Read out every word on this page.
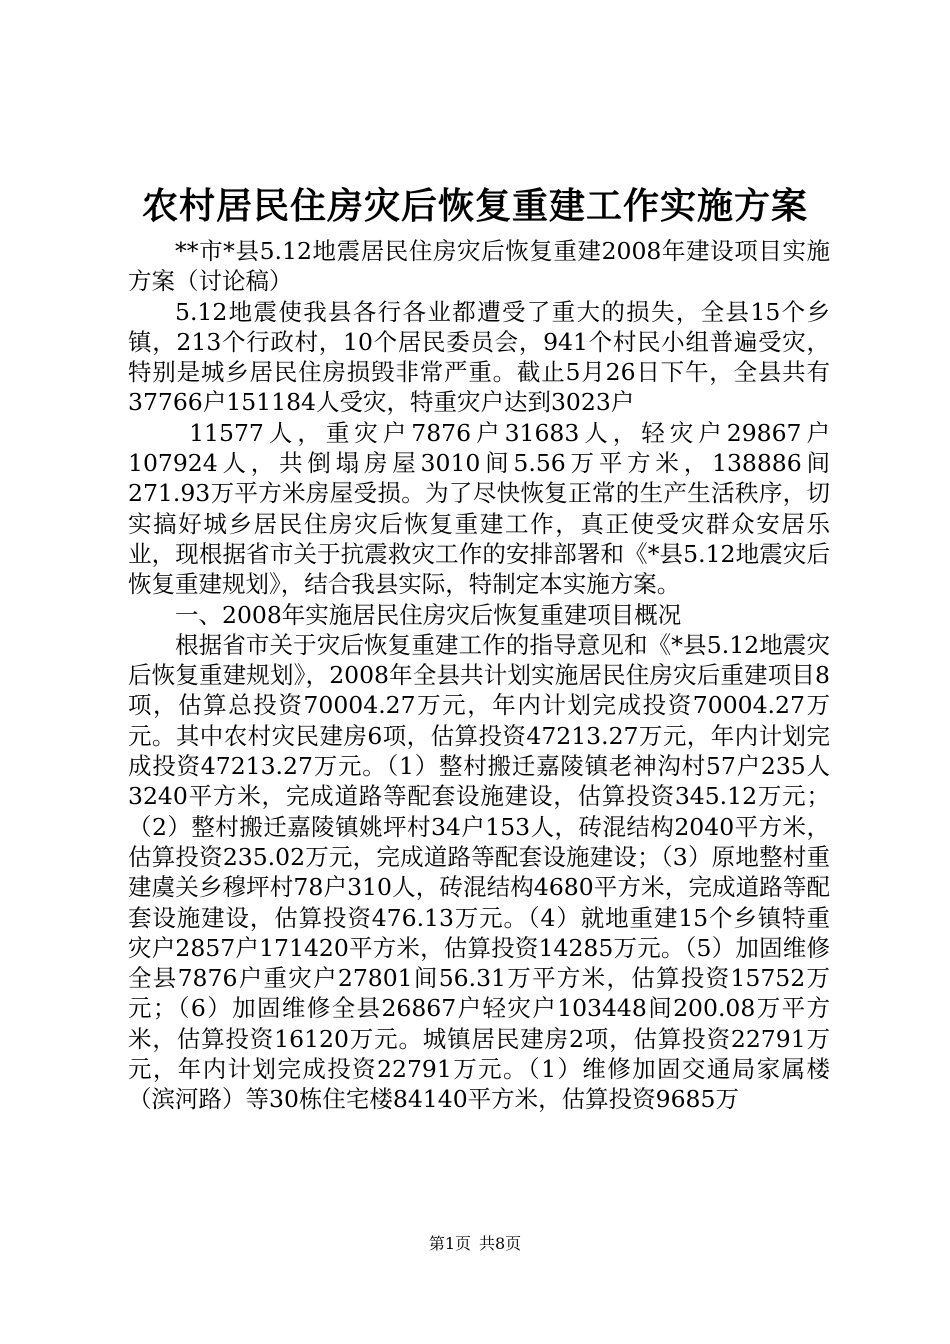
农村居民住房灾后恢复重建工作实施方案

**市*县5.12地震居民住房灾后恢复重建2008年建设项目实施方案（讨论稿）

5.12地震使我县各行各业都遭受了重大的损失，全县15个乡镇，213个行政村，10个居民委员会，941个村民小组普遍受灾，特别是城乡居民住房损毁非常严重。截止5月26日下午，全县共有37766户151184人受灾，特重灾户达到3023户

11577人，重灾户7876户31683人，轻灾户29867户107924人，共倒塌房屋3010间5.56万平方米，138886间271.93万平方米房屋受损。为了尽快恢复正常的生产生活秩序，切实搞好城乡居民住房灾后恢复重建工作，真正使受灾群众安居乐业，现根据省市关于抗震救灾工作的安排部署和《*县5.12地震灾后恢复重建规划》，结合我县实际，特制定本实施方案。

一、2008年实施居民住房灾后恢复重建项目概况

根据省市关于灾后恢复重建工作的指导意见和《*县5.12地震灾后恢复重建规划》，2008年全县共计划实施居民住房灾后重建项目8项，估算总投资70004.27万元，年内计划完成投资70004.27万元。其中农村灾民建房6项，估算投资47213.27万元，年内计划完成投资47213.27万元。（1）整村搬迁嘉陵镇老神沟村57户235人3240平方米，完成道路等配套设施建设，估算投资345.12万元；（2）整村搬迁嘉陵镇姚坪村34户153人，砖混结构2040平方米，估算投资235.02万元，完成道路等配套设施建设；（3）原地整村重建虞关乡穆坪村78户310人，砖混结构4680平方米，完成道路等配套设施建设，估算投资476.13万元。（4）就地重建15个乡镇特重灾户2857户171420平方米，估算投资14285万元。（5）加固维修全县7876户重灾户27801间56.31万平方米，估算投资15752万元；（6）加固维修全县26867户轻灾户103448间200.08万平方米，估算投资16120万元。城镇居民建房2项，估算投资22791万元，年内计划完成投资22791万元。（1）维修加固交通局家属楼（滨河路）等30栋住宅楼84140平方米，估算投资9685万

第1页 共8页
